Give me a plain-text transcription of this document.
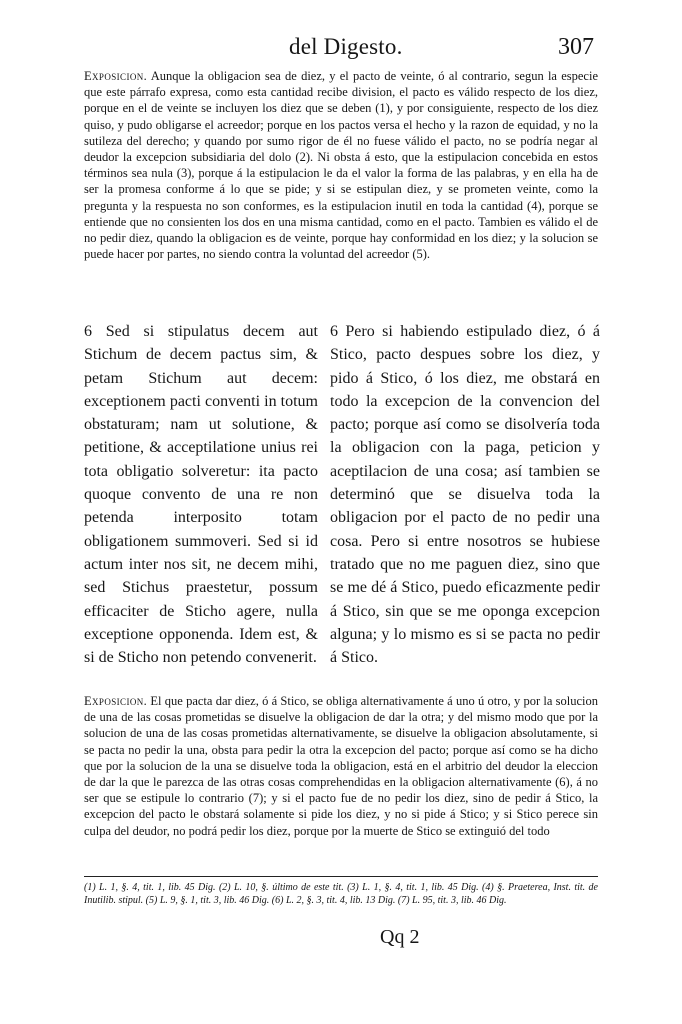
del Digesto.	307

Exposicion. Aunque la obligacion sea de diez, y el pacto de veinte, ó al contrario, segun la especie que este párrafo expresa, como esta cantidad recibe division, el pacto es válido respecto de los diez, porque en el de veinte se incluyen los diez que se deben (1), y por consiguiente, respecto de los diez quiso, y pudo obligarse el acreedor; porque en los pactos versa el hecho y la razon de equidad, y no la sutileza del derecho; y quando por sumo rigor de él no fuese válido el pacto, no se podría negar al deudor la excepcion subsidiaria del dolo (2). Ni obsta á esto, que la estipulacion concebida en estos términos sea nula (3), porque á la estipulacion le da el valor la forma de las palabras, y en ella ha de ser la promesa conforme á lo que se pide; y si se estipulan diez, y se prometen veinte, como la pregunta y la respuesta no son conformes, es la estipulacion inutil en toda la cantidad (4), porque se entiende que no consienten los dos en una misma cantidad, como en el pacto. Tambien es válido el de no pedir diez, quando la obligacion es de veinte, porque hay conformidad en los diez; y la solucion se puede hacer por partes, no siendo contra la voluntad del acreedor (5).

6 Sed si stipulatus decem aut Stichum de decem pactus sim, & petam Stichum aut decem: exceptionem pacti conventi in totum obstaturam; nam ut solutione, & petitione, & acceptilatione unius rei tota obligatio solveretur: ita pacto quoque convento de una re non petenda interposito totam obligationem summoveri. Sed si id actum inter nos sit, ne decem mihi, sed Stichus praestetur, possum efficaciter de Sticho agere, nulla exceptione opponenda. Idem est, & si de Sticho non petendo convenerit.

6 Pero si habiendo estipulado diez, ó á Stico, pacto despues sobre los diez, y pido á Stico, ó los diez, me obstará en todo la excepcion de la convencion del pacto; porque así como se disolvería toda la obligacion con la paga, peticion y aceptilacion de una cosa; así tambien se determinó que se disuelva toda la obligacion por el pacto de no pedir una cosa. Pero si entre nosotros se hubiese tratado que no me paguen diez, sino que se me dé á Stico, puedo eficazmente pedir á Stico, sin que se me oponga excepcion alguna; y lo mismo es si se pacta no pedir á Stico.

Exposicion. El que pacta dar diez, ó á Stico, se obliga alternativamente á uno ú otro, y por la solucion de una de las cosas prometidas se disuelve la obligacion de dar la otra; y del mismo modo que por la solucion de una de las cosas prometidas alternativamente, se disuelve la obligacion absolutamente, si se pacta no pedir la una, obsta para pedir la otra la excepcion del pacto; porque así como se ha dicho que por la solucion de la una se disuelve toda la obligacion, está en el arbitrio del deudor la eleccion de dar la que le parezca de las otras cosas comprehendidas en la obligacion alternativamente (6), á no ser que se estipule lo contrario (7); y si el pacto fue de no pedir los diez, sino de pedir á Stico, la excepcion del pacto le obstará solamente si pide los diez, y no si pide á Stico; y si Stico perece sin culpa del deudor, no podrá pedir los diez, porque por la muerte de Stico se extinguió del todo

(1) L. 1, §. 4, tit. 1, lib. 45 Dig. (2) L. 10, §. último de este tit. (3) L. 1, §. 4, tit. 1, lib. 45 Dig. (4) §. Praeterea, Inst. tit. de Inutilib. stipul. (5) L. 9, §. 1, tit. 3, lib. 46 Dig. (6) L. 2, §. 3, tit. 4, lib. 13 Dig. (7) L. 95, tit. 3, lib. 46 Dig.

Qq 2
